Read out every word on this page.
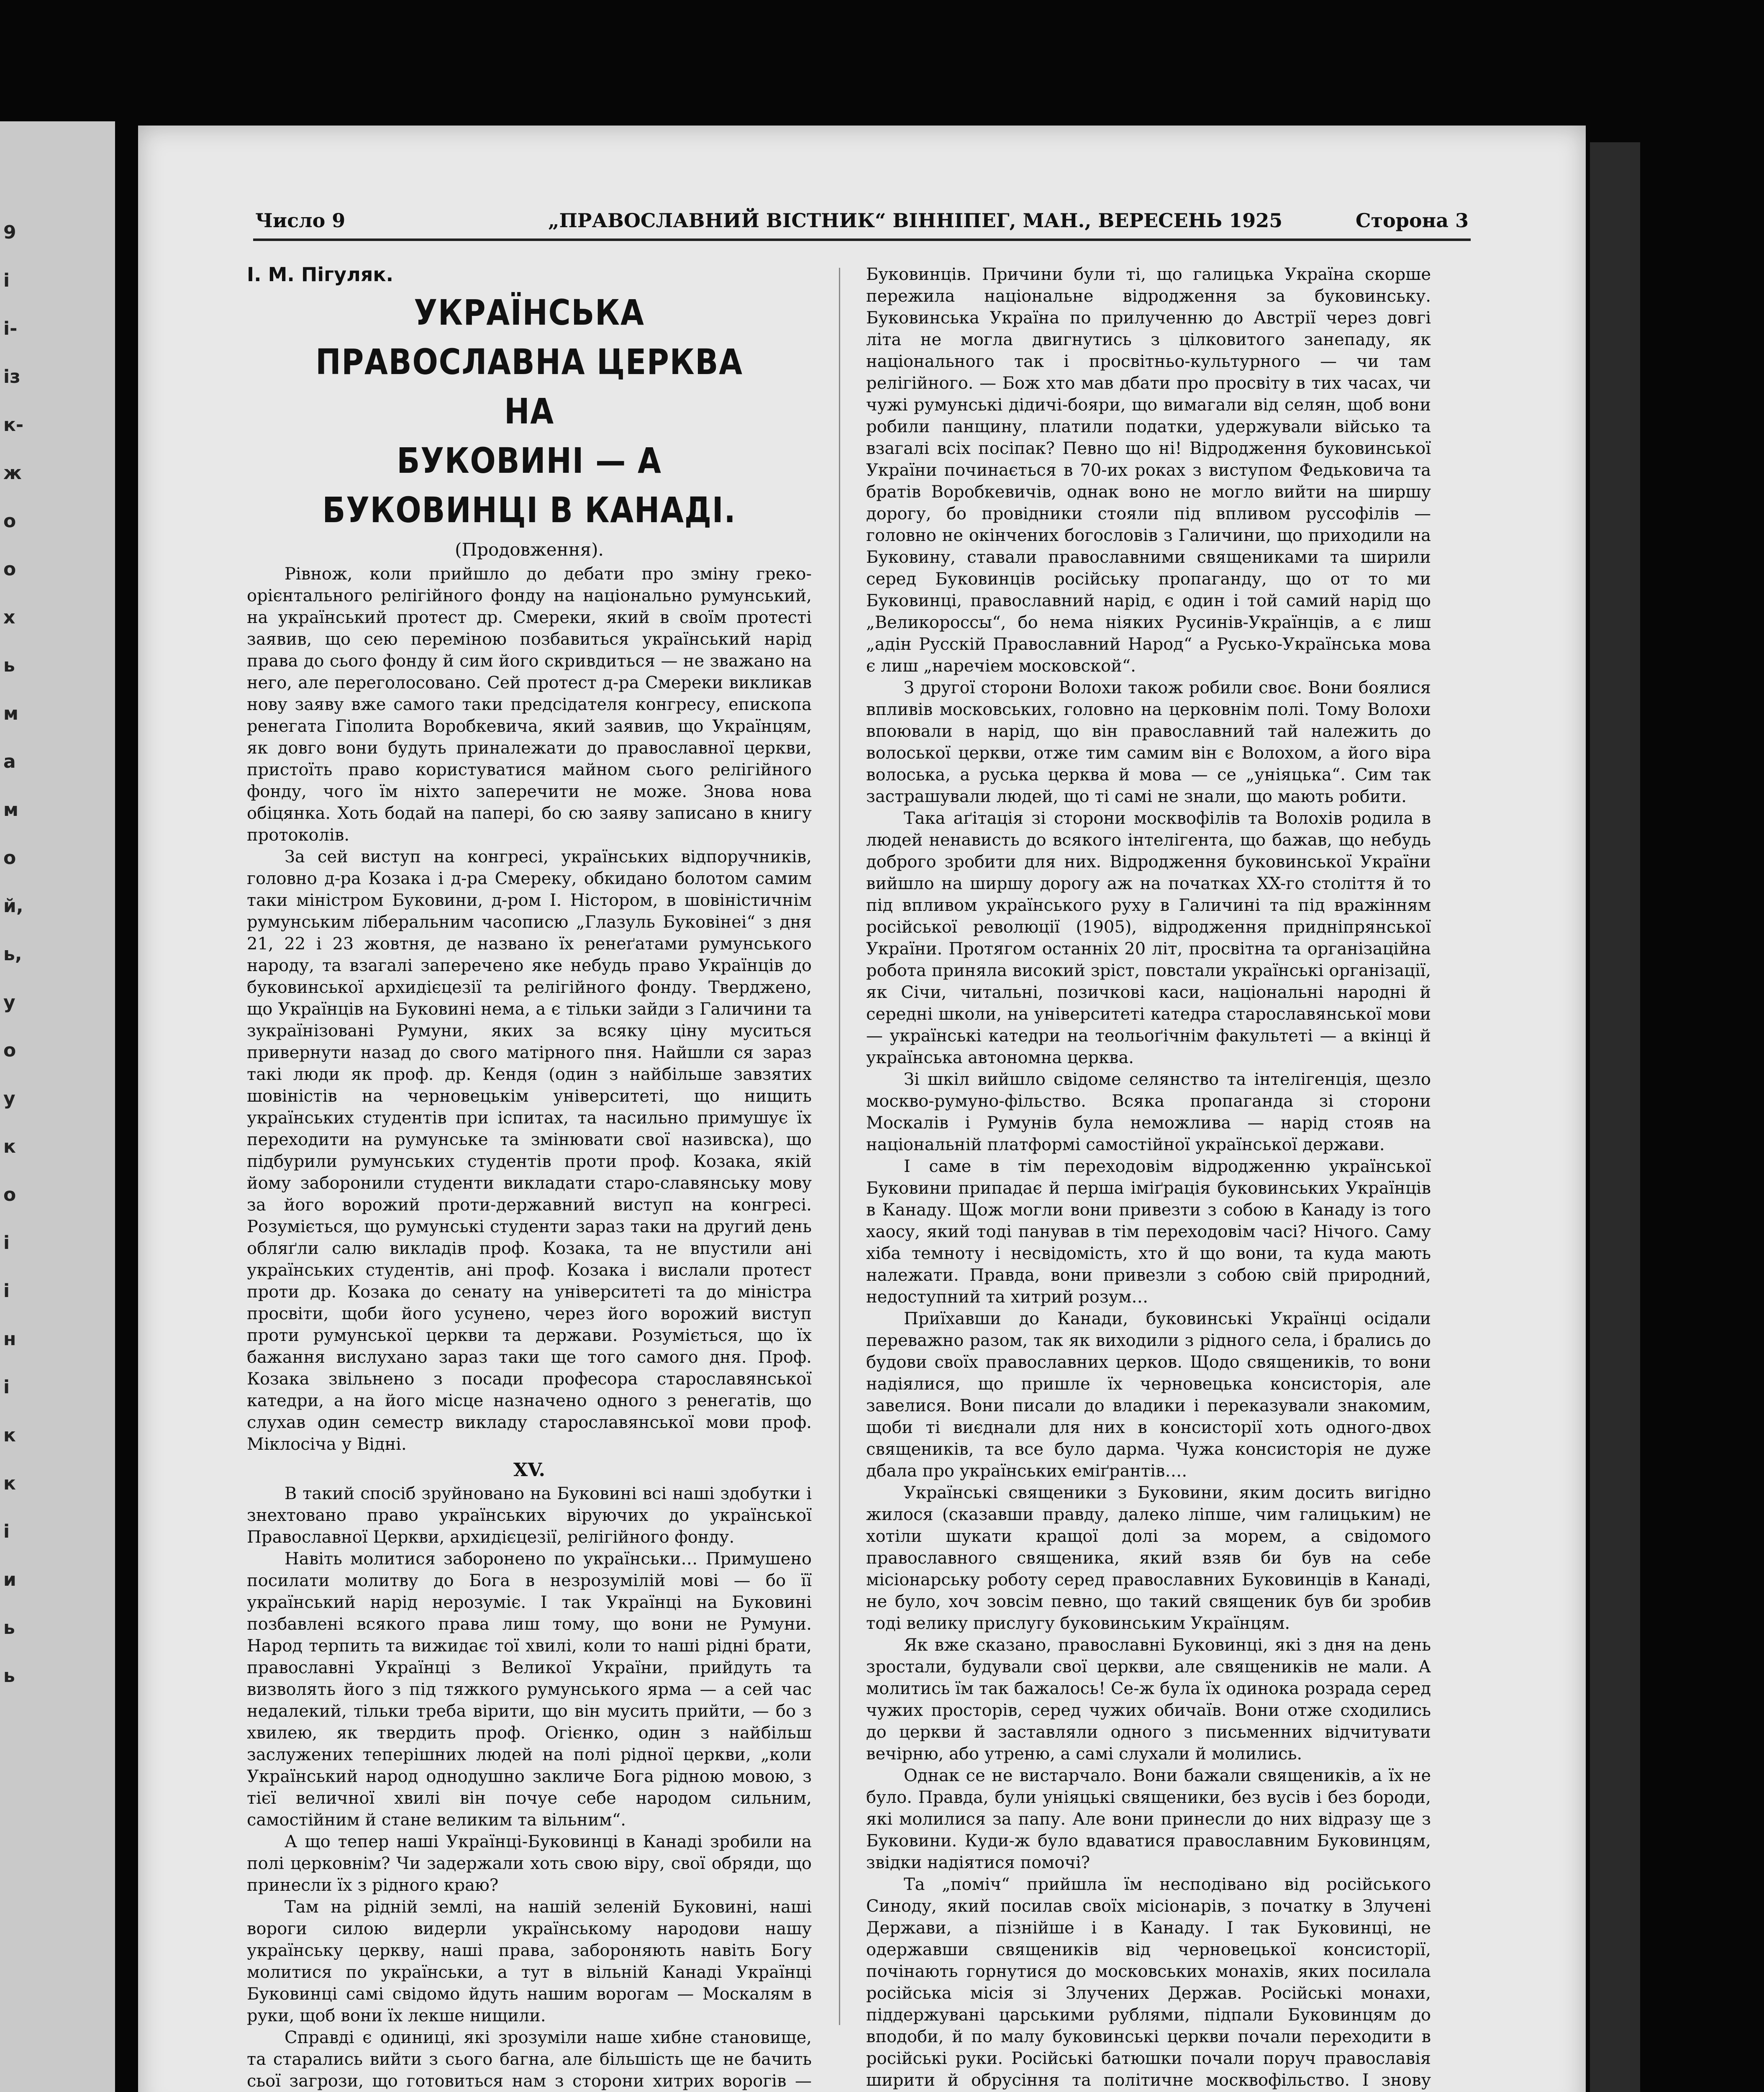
9
і
і-
із
к-
ж
о
о
х
ь
м
а
м
о
й,
ь,
у
о
у
к
о
і
і
н
і
к
к
і
и
ь
ь
Число 9	„ПРАВОСЛАВНИЙ ВІСТНИК“ ВІННІПЕГ, МАН., ВЕРЕСЕНЬ 1925	Сторона 3
І. М. Пігуляк.
УКРАЇНСЬКА ПРАВОСЛАВНА ЦЕРКВА НА
БУКОВИНІ — А БУКОВИНЦІ В КАНАДІ.
(Продовження).

Рівнож, коли прийшло до дебати про зміну греко-орієнтального релігійного фонду на національно румунський, на український протест др. Смереки, який в своїм протесті заявив, що сею переміною позбавиться український нарід права до сього фонду й сим його скривдиться — не зважано на него, але переголосовано. Сей протест д-ра Смереки викликав нову заяву вже самого таки предсідателя конгресу, епископа ренегата Гіполита Воробкевича, який заявив, що Українцям, як довго вони будуть приналежати до православної церкви, пристоїть право користуватися майном сього релігійного фонду, чого їм ніхто заперечити не може. Знова нова обіцянка. Хоть бодай на папері, бо сю заяву записано в книгу протоколів.

За сей виступ на конгресі, українських відпоручників, головно д-ра Козака і д-ра Смереку, обкидано болотом самим таки міністром Буковини, д-ром І. Ністором, в шовіністичнім румунським ліберальним часописю „Глазуль Буковінеі“ з дня 21, 22 і 23 жовтня, де названо їх ренеґатами румунського народу, та взагалі заперечено яке небудь право Українців до буковинської архидієцезії та релігійного фонду. Тверджено, що Українців на Буковині нема, а є тільки зайди з Галичини та зукраїнізовані Румуни, яких за всяку ціну муситься привернути назад до свого матірного пня. Найшли ся зараз такі люди як проф. др. Кендя (один з найбільше завзятих шовіністів на черновецькім університеті, що нищить українських студентів при іспитах, та насильно примушує їх переходити на румунське та змінювати свої називска), що підбурили румунських студентів проти проф. Козака, якій йому заборонили студенти викладати старо-славянську мову за його ворожий проти-державний виступ на конгресі. Розуміється, що румунські студенти зараз таки на другий день обляґли салю викладів проф. Козака, та не впустили ані українських студентів, ані проф. Козака і вислали протест проти др. Козака до сенату на університеті та до міністра просвіти, щоби його усунено, через його ворожий виступ проти румунської церкви та держави. Розуміється, що їх бажання вислухано зараз таки ще того самого дня. Проф. Козака звільнено з посади професора старославянської катедри, а на його місце назначено одного з ренегатів, що слухав один семестр викладу старославянської мови проф. Міклосіча у Відні.

XV.

В такий спосіб зруйновано на Буковині всі наші здобутки і знехтовано право українських віруючих до української Православної Церкви, архидієцезії, релігійного фонду.

Навіть молитися заборонено по українськи… Примушено посилати молитву до Бога в незрозумілій мові — бо її український нарід нерозуміє. І так Українці на Буковині позбавлені всякого права лиш тому, що вони не Румуни. Народ терпить та вижидає тої хвилі, коли то наші рідні брати, православні Українці з Великої України, прийдуть та визволять його з під тяжкого румунського ярма — а сей час недалекий, тільки треба вірити, що він мусить прийти, — бо з хвилею, як твердить проф. Огієнко, один з найбільш заслужених теперішних людей на полі рідної церкви, „коли Український народ однодушно закличе Бога рідною мовою, з тієї величної хвилі він почуе себе народом сильним, самостійним й стане великим та вільним“.

А що тепер наші Українці-Буковинці в Канаді зробили на полі церковнім? Чи задержали хоть свою віру, свої обряди, що принесли їх з рідного краю?

Там на рідній землі, на нашій зеленій Буковині, наші вороги силою видерли українському народови нашу українську церкву, наші права, забороняють навіть Богу молитися по українськи, а тут в вільній Канаді Українці Буковинці самі свідомо йдуть нашим ворогам — Москалям в руки, щоб вони їх лекше нищили.

Справді є одиниці, які зрозуміли наше хибне становище, та старались вийти з сього багна, але більшість ще не бачить сьої загрози, що готовиться нам з сторони хитрих ворогів —

Буковинців. Причини були ті, що галицька Україна скорше пережила національне відродження за буковинську. Буковинська Україна по прилученню до Австрії через довгі літа не могла двигнутись з цілковитого занепаду, як національного так і просвітньо-культурного — чи там релігійного. — Бож хто мав дбати про просвіту в тих часах, чи чужі румунські дідичі-бояри, що вимагали від селян, щоб вони робили панщину, платили податки, удержували військо та взагалі всіх посіпак? Певно що ні! Відродження буковинської України починається в 70-их роках з виступом Федьковича та братів Воробкевичів, однак воно не могло вийти на ширшу дорогу, бо провідники стояли під впливом руссофілів — головно не окінчених богословів з Галичини, що приходили на Буковину, ставали православними священиками та ширили серед Буковинців російську пропаганду, що от то ми Буковинці, православний нарід, є один і той самий нарід що „Великороссы“, бо нема ніяких Русинів-Українців, а є лиш „адін Русскій Православний Народ“ а Русько-Українська мова є лиш „наречіем московской“.

З другої сторони Волохи також робили своє. Вони боялися впливів московських, головно на церковнім полі. Тому Волохи впоювали в нарід, що він православний тай належить до волоської церкви, отже тим самим він є Волохом, а його віра волоська, а руська церква й мова — се „уніяцька“. Сим так застрашували людей, що ті самі не знали, що мають робити.

Така аґітація зі сторони москвофілів та Волохів родила в людей ненависть до всякого інтелігента, що бажав, що небудь доброго зробити для них. Відродження буковинської України вийшло на ширшу дорогу аж на початках XX-го століття й то під впливом українського руху в Галичині та під вражінням російської революції (1905), відродження придніпрянської України. Протягом останніх 20 літ, просвітна та організаційна робота приняла високий зріст, повстали українські організації, як Січи, читальні, позичкові каси, національні народні й середні школи, на університеті катедра старославянської мови — українські катедри на теольоґічнім факультеті — а вкінці й українська автономна церква.

Зі шкіл вийшло свідоме селянство та інтелігенція, щезло москво-румуно-фільство. Всяка пропаганда зі сторони Москалів і Румунів була неможлива — нарід стояв на національній платформі самостійної української держави.

І саме в тім переходовім відродженню української Буковини припадає й перша іміґрація буковинських Українців в Канаду. Щож могли вони привезти з собою в Канаду із того хаосу, який тоді панував в тім переходовім часі? Нічого. Саму хіба темноту і несвідомість, хто й що вони, та куда мають належати. Правда, вони привезли з собою свій природний, недоступний та хитрий розум…

Приїхавши до Канади, буковинські Українці осідали переважно разом, так як виходили з рідного села, і брались до будови своїх православних церков. Щодо священиків, то вони надіялися, що пришле їх черновецька консисторія, але завелися. Вони писали до владики і переказували знакомим, щоби ті виєднали для них в консисторії хоть одного-двох священиків, та все було дарма. Чужа консисторія не дуже дбала про українських еміґрантів….

Українські священики з Буковини, яким досить вигідно жилося (сказавши правду, далеко ліпше, чим галицьким) не хотіли шукати кращої долі за морем, а свідомого православного священика, який взяв би був на себе місіонарську роботу серед православних Буковинців в Канаді, не було, хоч зовсім певно, що такий священик був би зробив тоді велику прислугу буковинським Українцям.

Як вже сказано, православні Буковинці, які з дня на день зростали, будували свої церкви, але священиків не мали. А молитись їм так бажалось! Се-ж була їх одинока розрада серед чужих просторів, серед чужих обичаїв. Вони отже сходились до церкви й заставляли одного з письменних відчитувати вечірню, або утреню, а самі слухали й молились.

Однак се не вистарчало. Вони бажали священиків, а їх не було. Правда, були уніяцькі священики, без вусів і без бороди, які молилися за папу. Але вони принесли до них відразу ще з Буковини. Куди-ж було вдаватися православним Буковинцям, звідки надіятися помочі?

Та „поміч“ прийшла їм несподівано від російського Синоду, який посилав своїх місіонарів, з початку в Злучені Держави, а пізнійше і в Канаду. І так Буковинці, не одержавши священиків від черновецької консисторії, почінають горнутися до московських монахів, яких посилала російська місія зі Злучених Держав. Російські монахи, піддержувані царськими рублями, підпали Буковинцям до вподоби, й по малу буковинські церкви почали переходити в російські руки. Російські батюшки почали поруч православія ширити й обрусіння та політичне москвофільство. І знову
